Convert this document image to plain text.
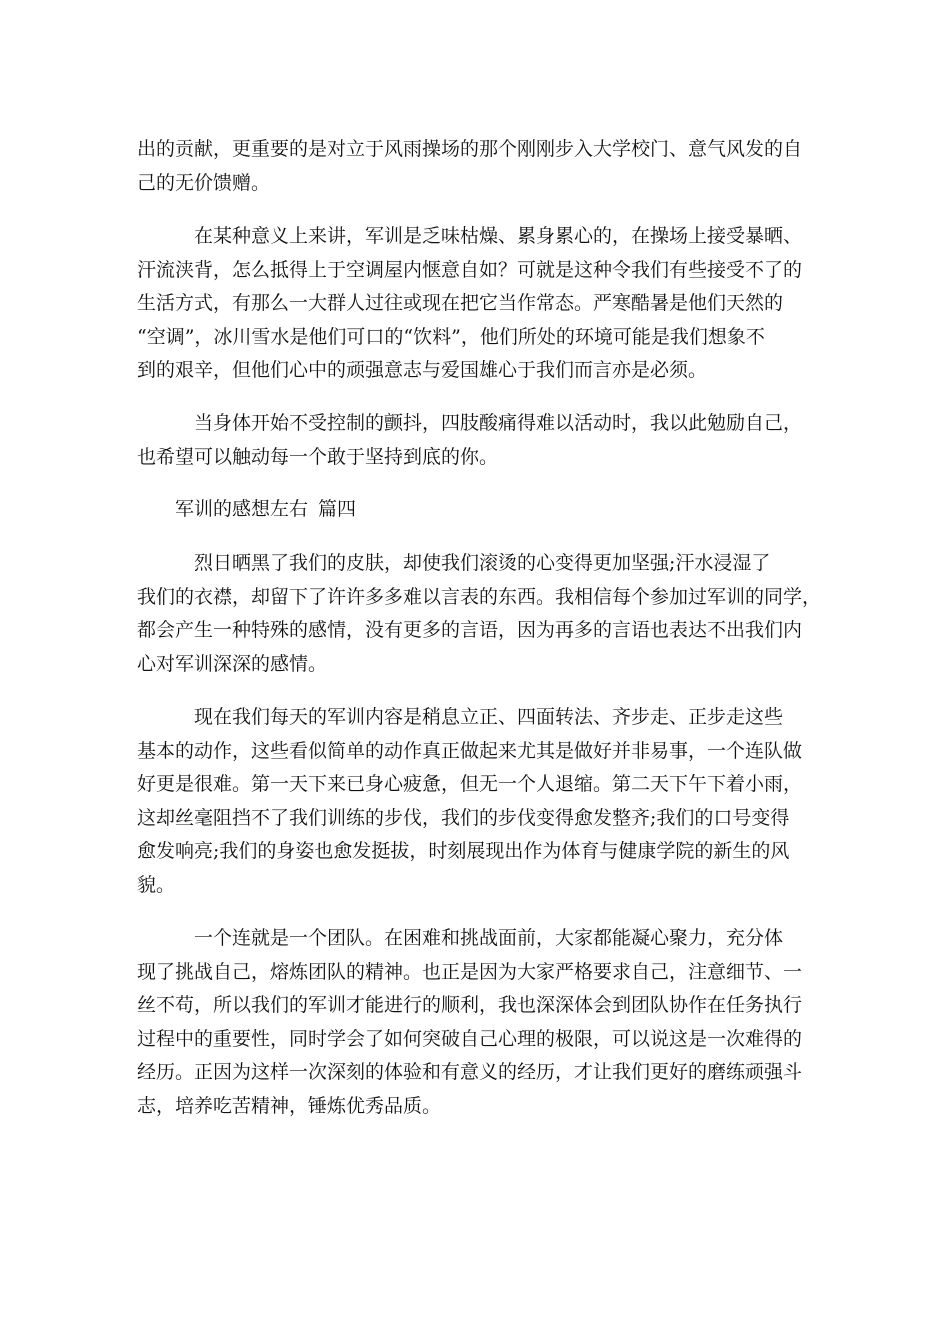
出的贡献，更重要的是对立于风雨操场的那个刚刚步入大学校门、意气风发的自
己的无价馈赠。
　　　在某种意义上来讲，军训是乏味枯燥、累身累心的，在操场上接受暴晒、
汗流浃背，怎么抵得上于空调屋内惬意自如？可就是这种令我们有些接受不了的
生活方式，有那么一大群人过往或现在把它当作常态。严寒酷暑是他们天然的
“空调”，冰川雪水是他们可口的“饮料”，他们所处的环境可能是我们想象不
到的艰辛，但他们心中的顽强意志与爱国雄心于我们而言亦是必须。
　　　当身体开始不受控制的颤抖，四肢酸痛得难以活动时，我以此勉励自己，
也希望可以触动每一个敢于坚持到底的你。
军训的感想左右 篇四
　　　烈日晒黑了我们的皮肤，却使我们滚烫的心变得更加坚强;汗水浸湿了
我们的衣襟，却留下了许许多多难以言表的东西。我相信每个参加过军训的同学，
都会产生一种特殊的感情，没有更多的言语，因为再多的言语也表达不出我们内
心对军训深深的感情。
　　　现在我们每天的军训内容是稍息立正、四面转法、齐步走、正步走这些
基本的动作，这些看似简单的动作真正做起来尤其是做好并非易事，一个连队做
好更是很难。第一天下来已身心疲惫，但无一个人退缩。第二天下午下着小雨，
这却丝毫阻挡不了我们训练的步伐，我们的步伐变得愈发整齐;我们的口号变得
愈发响亮;我们的身姿也愈发挺拔，时刻展现出作为体育与健康学院的新生的风
貌。
　　　一个连就是一个团队。在困难和挑战面前，大家都能凝心聚力，充分体
现了挑战自己，熔炼团队的精神。也正是因为大家严格要求自己，注意细节、一
丝不苟，所以我们的军训才能进行的顺利，我也深深体会到团队协作在任务执行
过程中的重要性，同时学会了如何突破自己心理的极限，可以说这是一次难得的
经历。正因为这样一次深刻的体验和有意义的经历，才让我们更好的磨练顽强斗
志，培养吃苦精神，锤炼优秀品质。
